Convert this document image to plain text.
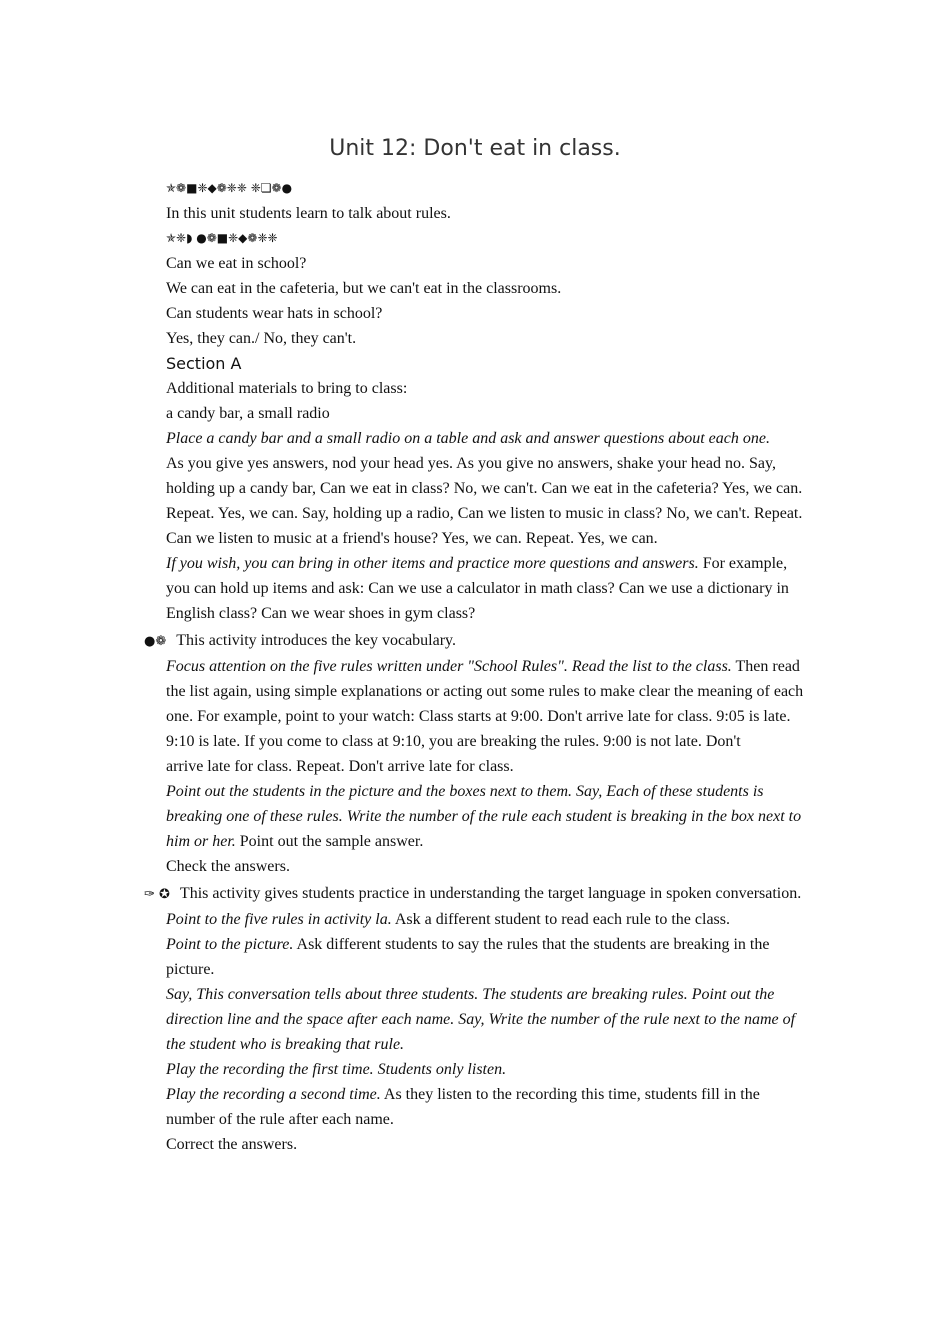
Unit 12: Don't eat in class.

✯❁■❈◆❁❈❈ ❈❏❁●

In this unit students learn to talk about rules.

✯❈◗ ●❁■❈◆❁❈❈

Can we eat in school?

We can eat in the cafeteria, but we can't eat in the classrooms.

Can students wear hats in school?

Yes, they can./ No, they can't.

Section A

Additional materials to bring to class:

a candy bar, a small radio

Place a candy bar and a small radio on a table and ask and answer questions about each one.

As you give yes answers, nod your head yes. As you give no answers, shake your head no. Say, holding up a candy bar, Can we eat in class? No, we can't. Can we eat in the cafeteria? Yes, we can. Repeat. Yes, we can. Say, holding up a radio, Can we listen to music in class? No, we can't. Repeat. Can we listen to music at a friend's house? Yes, we can. Repeat. Yes, we can.

If you wish, you can bring in other items and practice more questions and answers. For example, you can hold up items and ask: Can we use a calculator in math class? Can we use a dictionary in English class? Can we wear shoes in gym class?

●❁ This activity introduces the key vocabulary.

Focus attention on the five rules written under "School Rules". Read the list to the class. Then read the list again, using simple explanations or acting out some rules to make clear the meaning of each one. For example, point to your watch: Class starts at 9:00. Don't arrive late for class. 9:05 is late. 9:10 is late. If you come to class at 9:10, you are breaking the rules. 9:00 is not late. Don't

arrive late for class. Repeat. Don't arrive late for class.

Point out the students in the picture and the boxes next to them. Say, Each of these students is breaking one of these rules. Write the number of the rule each student is breaking in the box next to him or her. Point out the sample answer.

Check the answers.

✑ ✪ This activity gives students practice in understanding the target language in spoken conversation.

Point to the five rules in activity la. Ask a different student to read each rule to the class.

Point to the picture. Ask different students to say the rules that the students are breaking in the picture.

Say, This conversation tells about three students. The students are breaking rules. Point out the direction line and the space after each name. Say, Write the number of the rule next to the name of the student who is breaking that rule.

Play the recording the first time. Students only listen.

Play the recording a second time. As they listen to the recording this time, students fill in the number of the rule after each name.

Correct the answers.
